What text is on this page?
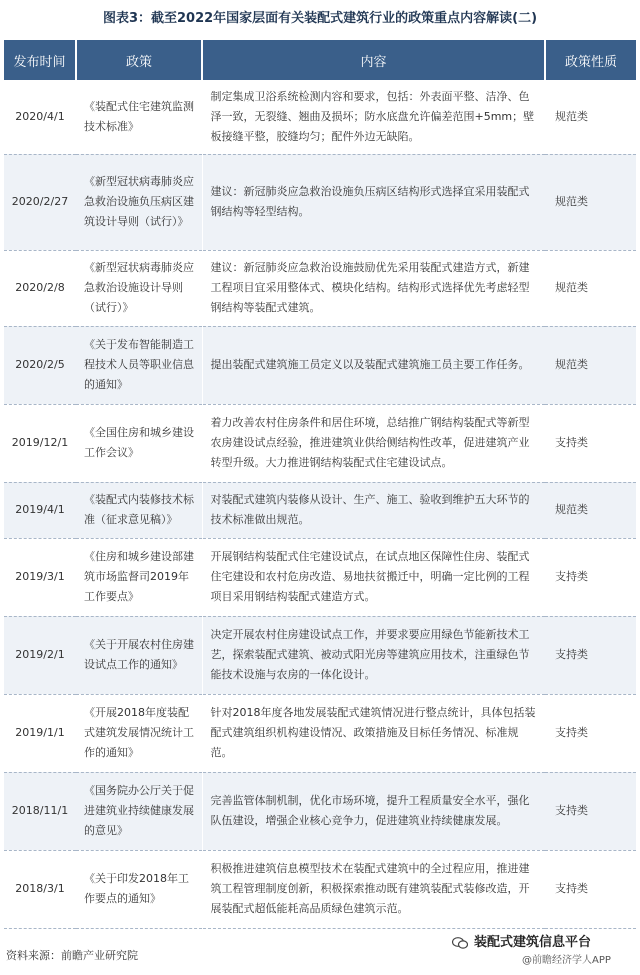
图表3：截至2022年国家层面有关装配式建筑行业的政策重点内容解读(二)
发布时间	政策	内容	政策性质
2020/4/1	《装配式住宅建筑监测技术标准》	制定集成卫浴系统检测内容和要求，包括：外表面平整、洁净、色泽一致，无裂缝、翘曲及损坏；防水底盘允许偏差范围+5mm；壁板接缝平整，胶缝均匀；配件外边无缺陷。	规范类
2020/2/27	《新型冠状病毒肺炎应急救治设施负压病区建筑设计导则（试行）》	建议：新冠肺炎应急救治设施负压病区结构形式选择宜采用装配式钢结构等轻型结构。	规范类
2020/2/8	《新型冠状病毒肺炎应急救治设施设计导则（试行）》	建议：新冠肺炎应急救治设施鼓励优先采用装配式建造方式，新建工程项目宜采用整体式、模块化结构。结构形式选择优先考虑轻型钢结构等装配式建筑。	规范类
2020/2/5	《关于发布智能制造工程技术人员等职业信息的通知》	提出装配式建筑施工员定义以及装配式建筑施工员主要工作任务。	规范类
2019/12/1	《全国住房和城乡建设工作会议》	着力改善农村住房条件和居住环境，总结推广钢结构装配式等新型农房建设试点经验，推进建筑业供给侧结构性改革，促进建筑产业转型升级。大力推进钢结构装配式住宅建设试点。	支持类
2019/4/1	《装配式内装修技术标准（征求意见稿）》	对装配式建筑内装修从设计、生产、施工、验收到维护五大环节的技术标准做出规范。	规范类
2019/3/1	《住房和城乡建设部建筑市场监督司2019年工作要点》	开展钢结构装配式住宅建设试点，在试点地区保障性住房、装配式住宅建设和农村危房改造、易地扶贫搬迁中，明确一定比例的工程项目采用钢结构装配式建造方式。	支持类
2019/2/1	《关于开展农村住房建设试点工作的通知》	决定开展农村住房建设试点工作，并要求要应用绿色节能新技术工艺，探索装配式建筑、被动式阳光房等建筑应用技术，注重绿色节能技术设施与农房的一体化设计。	支持类
2019/1/1	《开展2018年度装配式建筑发展情况统计工作的通知》	针对2018年度各地发展装配式建筑情况进行整点统计，具体包括装配式建筑组织机构建设情况、政策措施及目标任务情况、标准规范。	支持类
2018/11/1	《国务院办公厅关于促进建筑业持续健康发展的意见》	完善监管体制机制，优化市场环境，提升工程质量安全水平，强化队伍建设，增强企业核心竞争力，促进建筑业持续健康发展。	支持类
2018/3/1	《关于印发2018年工作要点的通知》	积极推进建筑信息模型技术在装配式建筑中的全过程应用，推进建筑工程管理制度创新，积极探索推动既有建筑装配式装修改造，开展装配式超低能耗高品质绿色建筑示范。	支持类
资料来源：前瞻产业研究院
装配式建筑信息平台
@前瞻经济学人APP
